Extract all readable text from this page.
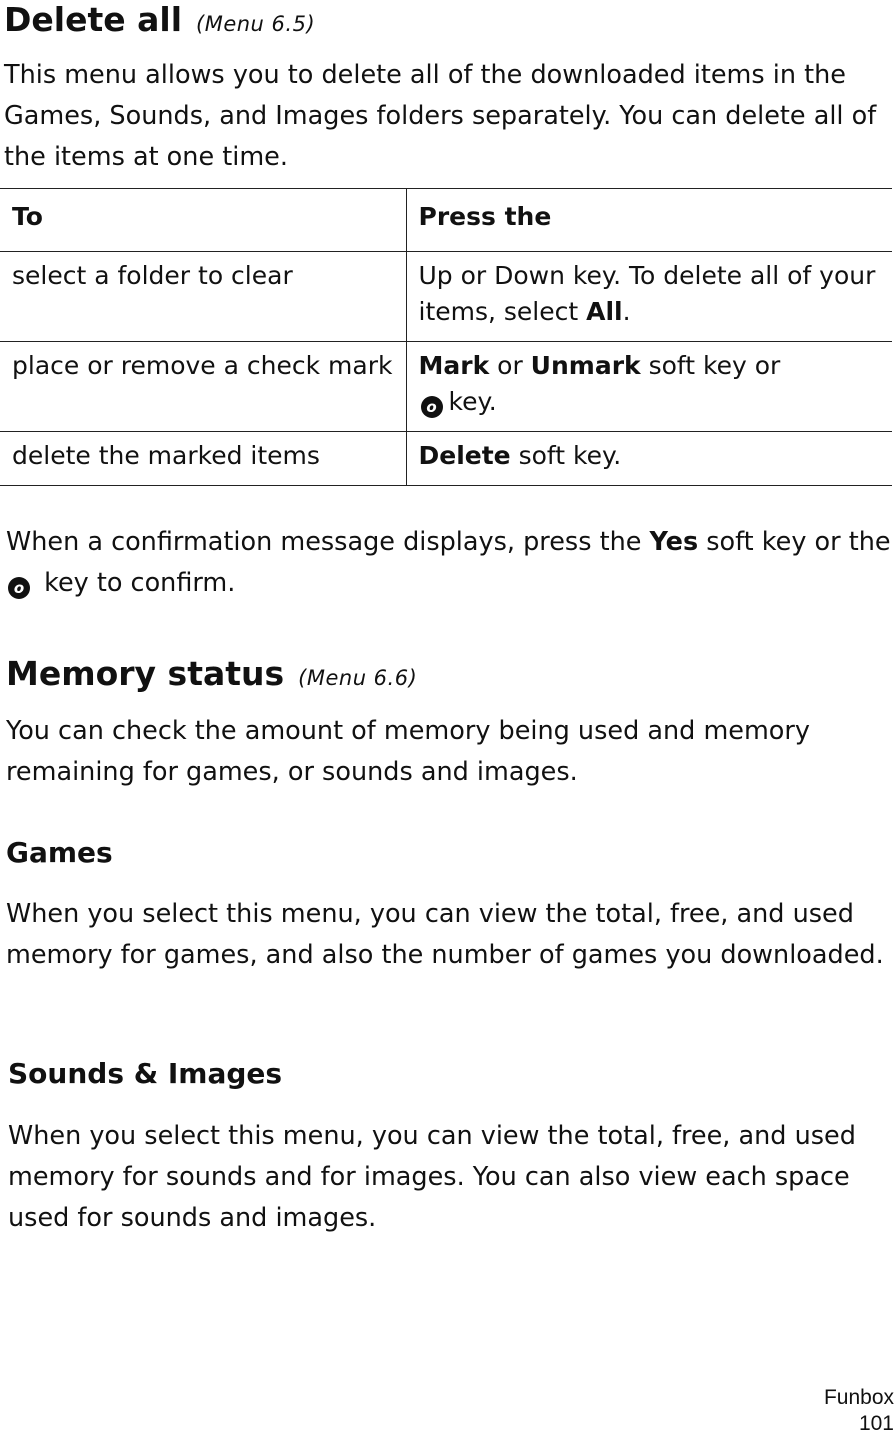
Delete all (Menu 6.5)

This menu allows you to delete all of the downloaded items in the Games, Sounds, and Images folders separately. You can delete all of the items at one time.

To	Press the
select a folder to clear	Up or Down key. To delete all of your items, select All.
place or remove a check mark	Mark or Unmark soft key or
o key.
delete the marked items	Delete soft key.

When a confirmation message displays, press the Yes soft key or the o key to confirm.

Memory status (Menu 6.6)

You can check the amount of memory being used and memory remaining for games, or sounds and images.

Games

When you select this menu, you can view the total, free, and used memory for games, and also the number of games you downloaded.

Sounds & Images

When you select this menu, you can view the total, free, and used memory for sounds and for images. You can also view each space used for sounds and images.

Funbox
101
